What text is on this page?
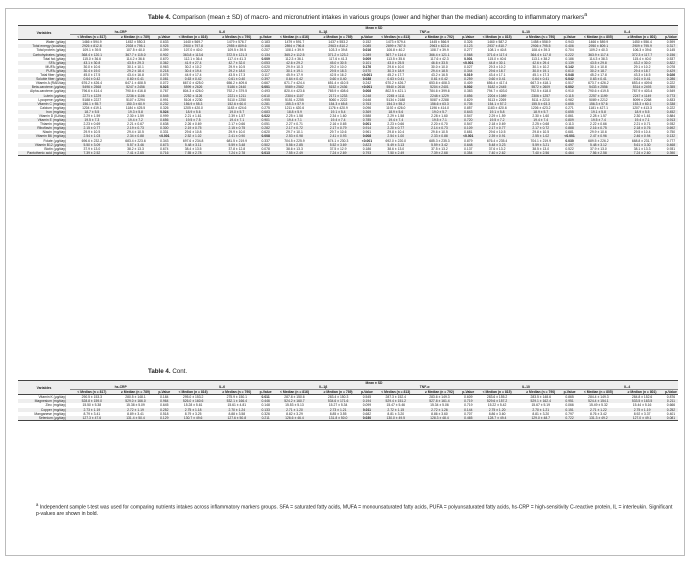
Table 4. Comparison (mean ± SD) of macro- and micronutrient intakes in various groups (lower and higher than the median) according to inflammatory markers$^a$
Variables	Mean ± SD																	
	hs-CRP			IL-6			IL-1β			TNF-α			IL-10			IL-4		
	< Median (n = 817)	≥ Median (n = 789)	p-Value	< Median (n = 816)	≥ Median (n = 790)	p-Value	< Median (n = 816)	≥ Median (n = 789)	p-Value	< Median (n = 813)	≥ Median (n = 792)	p-Value	< Median (n = 815)	≥ Median (n = 790)	p-Value	< Median (n = 805)	≥ Median (n = 801)	p-Value
Water (g/day)	1466 ± 594.9	1452 ± 550.3	0.633	1440 ± 569.7	1479 ± 576.7	0.183	1479 ± 591.7	1437 ± 553.2	0.152	1473 ± 579.4	1445 ± 566.9	0.326	1460 ± 587.2	1458 ± 558.9	0.943	1466 ± 589.9	1450 ± 556.4	0.599
Total energy (kcal/day)	2926 ± 812.8	2928 ± 795.1	0.925	2900 ± 797.8	2955 ± 809.6	0.168	2894 ± 796.8	2963 ± 810.2	0.085	2899 ± 787.5	2963 ± 822.6	0.123	2937 ± 810.7	2906 ± 795.5	0.406	2950 ± 809.1	2909 ± 795.9	0.317
Total protein (g/day)	109.1 ± 39.5	107.5 ± 40.0	0.399	107.0 ± 40.0	109.5 ± 39.5	0.207	108.1 ± 39.9	103.3 ± 39.8	0.016	106.8 ± 40.2	108.7 ± 39.9	0.277	108.1 ± 40.8	108.4 ± 39.3	0.704	109.2 ± 40.3	106.3 ± 39.6	0.145
Carbohydrates (g/day)	368.4 ± 120.1	367.7 ± 115.0	0.902	363.8 ± 113.6	372.5 ± 121.3	0.134	365.2 ± 112.5	371.2 ± 123.2	0.289	367.7 ± 114.4	366.4 ± 121.1	0.568	371.6 ± 117.4	364.4 ± 117.8	0.222	363.9 ± 117.4	372.3 ± 117.7	0.156
Total fat (g/day)	115.0 ± 36.6	114.2 ± 36.6	0.670	112.1 ± 36.4	117.4 ± 41.3	0.009	112.3 ± 36.1	117.6 ± 41.3	0.009	113.5 ± 35.6	117.6 ± 42.3	0.001	115.0 ± 40.6	113.1 ± 38.2	0.186	114.3 ± 38.3	115.4 ± 40.0	0.537
SFA (g/day)	43.1 ± 30.8	43.5 ± 29.3	0.362	41.9 ± 27.4	42.7 ± 32.0	0.053	42.6 ± 29.2	45.0 ± 30.5	0.101	43.0 ± 25.5	46.6 ± 33.5	<0.001	44.8 ± 30.1	42.6 ± 29.4	0.139	43.5 ± 29.8	43.2 ± 30.0	0.822
MUFA (g/day)	30.0 ± 10.6	30.1 ± 10.1	0.963	30.2 ± 10.2	29.9 ± 10.5	0.020	29.9 ± 10.3	29.2 ± 10.0	0.176	29.6 ± 10.0	30.0 ± 10.0	0.027	29.3 ± 10.2	30.1 ± 10.2	0.142	30.1 ± 10.8	29.1 ± 10.2	0.078
PUFA (g/day)	30.4 ± 19.0	29.2 ± 18.4	0.218	30.4 ± 19.4	29.2 ± 18.0	0.227	30.1 ± 19.1	29.5 ± 18.3	0.570	30.3 ± 18.9	29.4 ± 18.5	0.344	29.6 ± 18.7	30.0 ± 19.1	0.610	30.2 ± 18.7	29.4 ± 18.7	0.429
Total fiber (g/day)	45.0 ± 17.5	43.4 ± 16.8	0.075	44.9 ± 17.4	43.5 ± 17.3	0.117	45.9 ± 17.9	42.5 ± 16.2	<0.001	45.2 ± 17.7	43.2 ± 16.5	0.019	43.4 ± 17.1	45.1 ± 17.3	0.048	45.2 ± 17.8	43.3 ± 16.5	0.026
Soluble fiber (g/day)	0.64 ± 0.42	0.60 ± 0.41	0.081	0.63 ± 0.42	0.61 ± 0.40	0.397	0.64 ± 0.42	0.60 ± 0.40	0.038	0.63 ± 0.41	0.61 ± 0.42	0.259	0.60 ± 0.41	0.64 ± 0.41	0.042	0.63 ± 0.41	0.61 ± 0.41	0.286
Vitamin A (RAE/day)	676.2 ± 426.4	647.1 ± 408.5	0.072	667.0 ± 425.0	656.2 ± 409.6	0.667	671.7 ± 424.4	651.4 ± 410.5	0.242	670.2 ± 426.7	653.6 ± 408.3	0.409	656.4 ± 417.4	667.3 ± 418.1	0.517	673.7 ± 426.2	653.4 ± 409.6	0.222
Beta-carotene (μg/day)	5496 ± 2568	5247 ± 2456	0.023	5599 ± 2626	5186 ± 2440	0.001	5589 ± 2582	5152 ± 2436	<0.001	5540 ± 2616	5204 ± 2401	0.002	5182 ± 2445	5572 ± 2609	0.002	5433 ± 2556	5314 ± 2493	0.355
Alpha-carotene (μg/day)	796.6 ± 414.4	790.6 ± 416.8	0.767	804.3 ± 426.0	792.2 ± 379.5	0.493	820.4 ± 423.6	765.9 ± 408.6	0.008	802.5 ± 421.1	784.6 ± 399.6	0.383	794.7 ± 403.0	792.5 ± 418.0	0.910	790.6 ± 419.5	787.9 ± 403.4	0.549
Lutein (μg/day)	2271 ± 1229	2236 ± 1106	0.545	2252 ± 1126	2221 ± 1211	0.610	2304 ± 1107	2171 ± 1233	0.248	2245 ± 1111	2248 ± 1229	0.856	2204 ± 1089	2306 ± 1257	0.115	2257 ± 1199	2247 ± 1149	0.773
Lycopene (μg/day)	5188 ± 2227	5107 ± 2294	0.991	5104 ± 2230	5110 ± 2250	0.955	5151 ± 2255	5060 ± 2222	0.648	5134 ± 2188	5087 ± 2288	0.829	5113 ± 2269	5111 ± 2210	0.982	5089 ± 2212	5099 ± 2268	0.833
Vitamin C (mg/day)	156.1 ± 55.7	150.3 ± 60.9	0.232	156.9 ± 55.3	152.6 ± 60.0	0.281	155.3 ± 57.9	154.3 ± 65.8	0.763	154.3 ± 55.2	156.6 ± 63.3	0.735	154.1 ± 57.2	155.5 ± 63.3	0.655	156.3 ± 57.6	153.3 ± 60.1	0.338
Calcium (mg/day)	1204 ± 419.1	1184 ± 425.5	0.326	1205 ± 420.0	1183 ± 424.6	0.275	1211 ± 420.6	1176 ± 420.9	0.096	1192 ± 426.0	1196 ± 414.0	0.857	1183 ± 420.6	1206 ± 423.2	0.271	1181 ± 427.1	1207 ± 413.3	0.222
Iron (mg/day)	18.7 ± 5.5	19.3 ± 5.8	0.024	18.9 ± 5.6	19.0 ± 5.7	0.683	18.8 ± 5.9	19.1 ± 5.4	0.369	18.9 ± 5.6	19.0 ± 5.7	0.643	19.1 ± 5.8	18.9 ± 5.7	0.655	19.1 ± 5.8	18.9 ± 5.5	0.452
Vitamin D (IU/day)	2.29 ± 1.59	2.30 ± 1.59	0.999	2.21 ± 1.61	2.39 ± 1.57	0.022	2.25 ± 1.58	2.34 ± 1.60	0.588	2.29 ± 1.58	2.28 ± 1.60	0.547	2.29 ± 1.59	2.30 ± 1.60	0.861	2.28 ± 1.57	2.30 ± 1.61	0.884
Vitamin E (mg/day)	19.5 ± 7.3	19.4 ± 7.2	0.656	19.5 ± 7.5	19.4 ± 7.1	0.901	19.4 ± 7.1	19.4 ± 7.4	0.785	19.4 ± 7.4	19.5 ± 7.1	0.720	19.5 ± 7.2	19.4 ± 7.4	0.809	19.5 ± 7.4	19.4 ± 7.1	0.913
Thiamin (mg/day)	2.23 ± 0.69	2.21 ± 0.67	0.638	2.26 ± 0.69	2.17 ± 0.66	0.051	2.27 ± 0.71	2.16 ± 0.65	0.001	2.23 ± 0.66	2.20 ± 0.70	0.547	2.18 ± 0.69	2.25 ± 0.68	0.113	2.22 ± 0.66	2.21 ± 0.71	0.932
Riboflavin (mg/day)	2.15 ± 0.77	2.19 ± 0.73	0.300	2.19 ± 0.75	2.15 ± 0.75	0.282	2.17 ± 0.72	2.17 ± 0.79	0.914	2.20 ± 0.77	2.14 ± 0.73	0.109	2.17 ± 0.77	2.17 ± 0.72	0.888	2.16 ± 0.75	2.18 ± 0.76	0.692
Niacin (mg/day)	29.9 ± 10.5	29.4 ± 10.5	0.331	29.6 ± 10.8	29.9 ± 10.0	0.620	29.7 ± 10.1	29.7 ± 10.6	0.961	29.8 ± 10.4	29.6 ± 10.5	0.681	29.6 ± 10.5	29.8 ± 10.5	0.681	29.9 ± 10.6	29.5 ± 10.4	0.750
Vitamin B6 (mg/day)	2.54 ± 1.03	2.34 ± 0.88	<0.001	2.52 ± 1.02	2.41 ± 0.90	0.008	2.53 ± 0.98	2.41 ± 0.93	0.008	2.54 ± 1.00	2.33 ± 0.88	<0.001	2.39 ± 0.91	2.55 ± 1.02	<0.001	2.47 ± 0.96	2.46 ± 0.94	0.132
Folate (μg/day)	696.6 ± 232.2	683.4 ± 223.6	0.343	697.6 ± 234.8	681.5 ± 219.9	0.337	704.5 ± 225.9	674.1 ± 230.3	<0.001	692.0 ± 220.0	685.3 ± 235.3	0.879	676.4 ± 235.4	704.1 ± 219.9	0.030	689.5 ± 226.2	688.8 ± 231.7	0.777
Vitamin B12 (μg/day)	5.50 ± 3.09	5.57 ± 3.46	0.673	5.48 ± 3.11	5.59 ± 3.48	0.502	5.56 ± 2.85	5.52 ± 3.69	0.823	5.49 ± 3.13	5.59 ± 3.42	0.648	5.48 ± 3.23	5.59 ± 3.21	0.497	5.48 ± 3.12	5.61 ± 3.30	0.468
Biotin (μg/day)	37.9 ± 13.0	38.2 ± 13.3	0.674	38.4 ± 13.5	37.8 ± 12.8	0.078	38.6 ± 13.3	37.5 ± 12.9	0.186	38.6 ± 13.0	37.5 ± 13.2	0.137	37.6 ± 13.2	38.5 ± 13.0	0.522	37.9 ± 13.0	38.1 ± 13.3	0.931
Pantothenic acid (mg/day)	7.39 ± 2.52	7.41 ± 2.65	0.716	7.55 ± 2.78	7.24 ± 2.78	0.013	7.55 ± 2.49	7.24 ± 2.69	0.793	7.50 ± 2.49	7.39 ± 2.68	0.354	7.40 ± 2.62	7.40 ± 2.56	0.464	7.56 ± 2.58	7.24 ± 2.60	0.390
Table 4. Cont.
Variables	Mean ± SD																	
	hs-CRP			IL-6			IL-1β			TNF-α			IL-10			IL-4		
	< Median (n = 817)	≥ Median (n = 789)	p-Value	< Median (n = 816)	≥ Median (n = 790)	p-Value	< Median (n = 816)	≥ Median (n = 789)	p-Value	< Median (n = 813)	≥ Median (n = 792)	p-Value	< Median (n = 815)	≥ Median (n = 790)	p-Value	< Median (n = 805)	≥ Median (n = 801)	p-Value
Vitamin K (μg/day)	290.5 ± 153.3	280.5 ± 148.1	0.184	295.0 ± 153.2	275.9 ± 150.1	0.011	287.8 ± 150.6	283.4 ± 150.3	0.545	287.3 ± 152.4	283.6 ± 149.3	0.609	283.6 ± 155.2	283.5 ± 148.6	0.865	284.4 ± 149.3	284.8 ± 152.6	0.876
Magnesium (mg/day)	528.8 ± 159.0	529.0 ± 166.0	0.964	526.0 ± 160.6	532.1 ± 166.4	0.446	524.2 ± 160.7	534.6 ± 171.6	0.194	529.4 ± 151.2	527.8 ± 161.4	0.719	529.6 ± 157.2	529.1 ± 162.4	0.951	524.4 ± 154.1	533.5 ± 163.5	0.211
Zinc (mg/day)	15.50 ± 5.38	15.38 ± 5.09	0.645	15.28 ± 5.61	15.61 ± 4.81	0.148	15.53 ± 5.13	15.27 ± 5.34	0.099	15.47 ± 5.46	15.34 ± 5.06	0.719	15.22 ± 5.42	15.67 ± 5.19	0.066	15.49 ± 5.32	15.44 ± 5.16	0.666
Copper (mg/day)	2.73 ± 1.19	2.72 ± 1.19	0.252	2.75 ± 1.18	2.70 ± 1.24	0.133	2.71 ± 1.20	2.73 ± 1.21	0.011	2.72 ± 1.15	2.72 ± 1.26	0.144	2.75 ± 1.20	2.70 ± 1.21	0.151	2.71 ± 1.22	2.75 ± 1.19	0.252
Manganese (mg/day)	8.79 ± 3.41	8.89 ± 3.41	0.518	8.79 ± 3.25	8.88 ± 3.58	0.326	8.82 ± 3.29	8.85 ± 3.55	0.682	8.81 ± 3.20	8.86 ± 3.60	0.707	8.86 ± 3.60	8.81 ± 3.20	0.797	8.76 ± 3.42	8.92 ± 3.37	0.401
Selenium (μg/day)	127.3 ± 47.6	131.4 ± 50.4	0.129	130.7 ± 49.6	127.6 ± 50.8	0.211	126.6 ± 46.4	131.8 ± 50.0	0.030	130.0 ± 49.5	128.3 ± 48.4	0.465	128.7 ± 49.4	129.0 ± 48.7	0.722	131.3 ± 49.2	127.0 ± 49.1	0.081
$^a$ Independent sample t-test was used for comparing nutrients intakes across inflammatory markers groups. SFA = saturated fatty acids, MUFA = monounsaturated fatty acids, PUFA = polyunsaturated fatty acids, hs-CRP = high-sensitivity C-reactive protein, IL = interleukin. Significant p-values are shown in bold.
